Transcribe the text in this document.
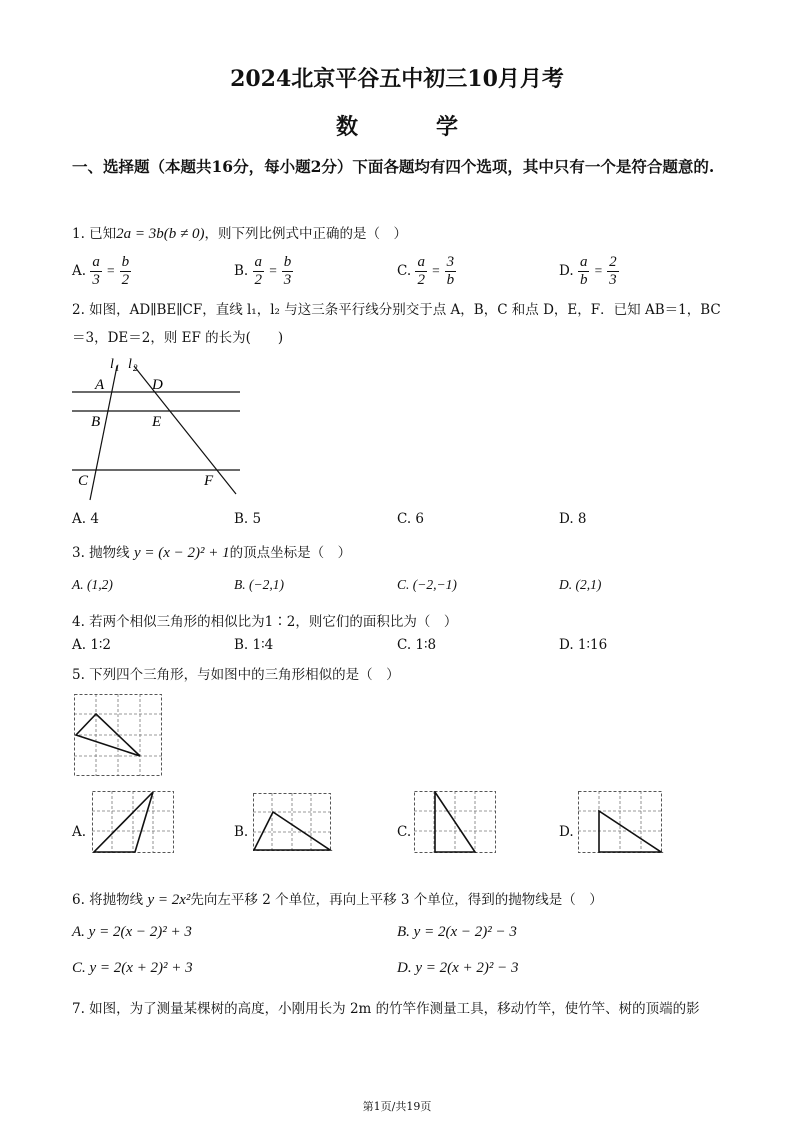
2024北京平谷五中初三10月月考
数　学
一、选择题（本题共16分，每小题2分）下面各题均有四个选项，其中只有一个是符合题意的.
1. 已知2a = 3b(b ≠ 0)，则下列比例式中正确的是（　）
A. $\frac{a}{3} = \frac{b}{2}$	B. $\frac{a}{2} = \frac{b}{3}$	C. $\frac{a}{2} = \frac{3}{b}$	D. $\frac{a}{b} = \frac{2}{3}$
2. 如图，AD∥BE∥CF，直线 l₁，l₂ 与这三条平行线分别交于点 A，B，C 和点 D，E，F．已知 AB＝1，BC＝3，DE＝2，则 EF 的长为(　　)
l 1 l 2
A	D
B	E
C	F
A. 4	B. 5	C. 6	D. 8
3. 抛物线 y = (x − 2)² + 1的顶点坐标是（　）
A. (1,2)	B. (−2,1)	C. (−2,−1)	D. (2,1)
4. 若两个相似三角形的相似比为1∶2，则它们的面积比为（　）
A. 1∶2	B. 1∶4	C. 1∶8	D. 1∶16
5. 下列四个三角形，与如图中的三角形相似的是（　）
A.	B.	C.	D.
6. 将抛物线 y = 2x²先向左平移 2 个单位，再向上平移 3 个单位，得到的抛物线是（　）
A. y = 2(x − 2)² + 3	B. y = 2(x − 2)² − 3
C. y = 2(x + 2)² + 3	D. y = 2(x + 2)² − 3
7. 如图，为了测量某棵树的高度，小刚用长为 2m 的竹竿作测量工具，移动竹竿，使竹竿、树的顶端的影
第1页/共19页
